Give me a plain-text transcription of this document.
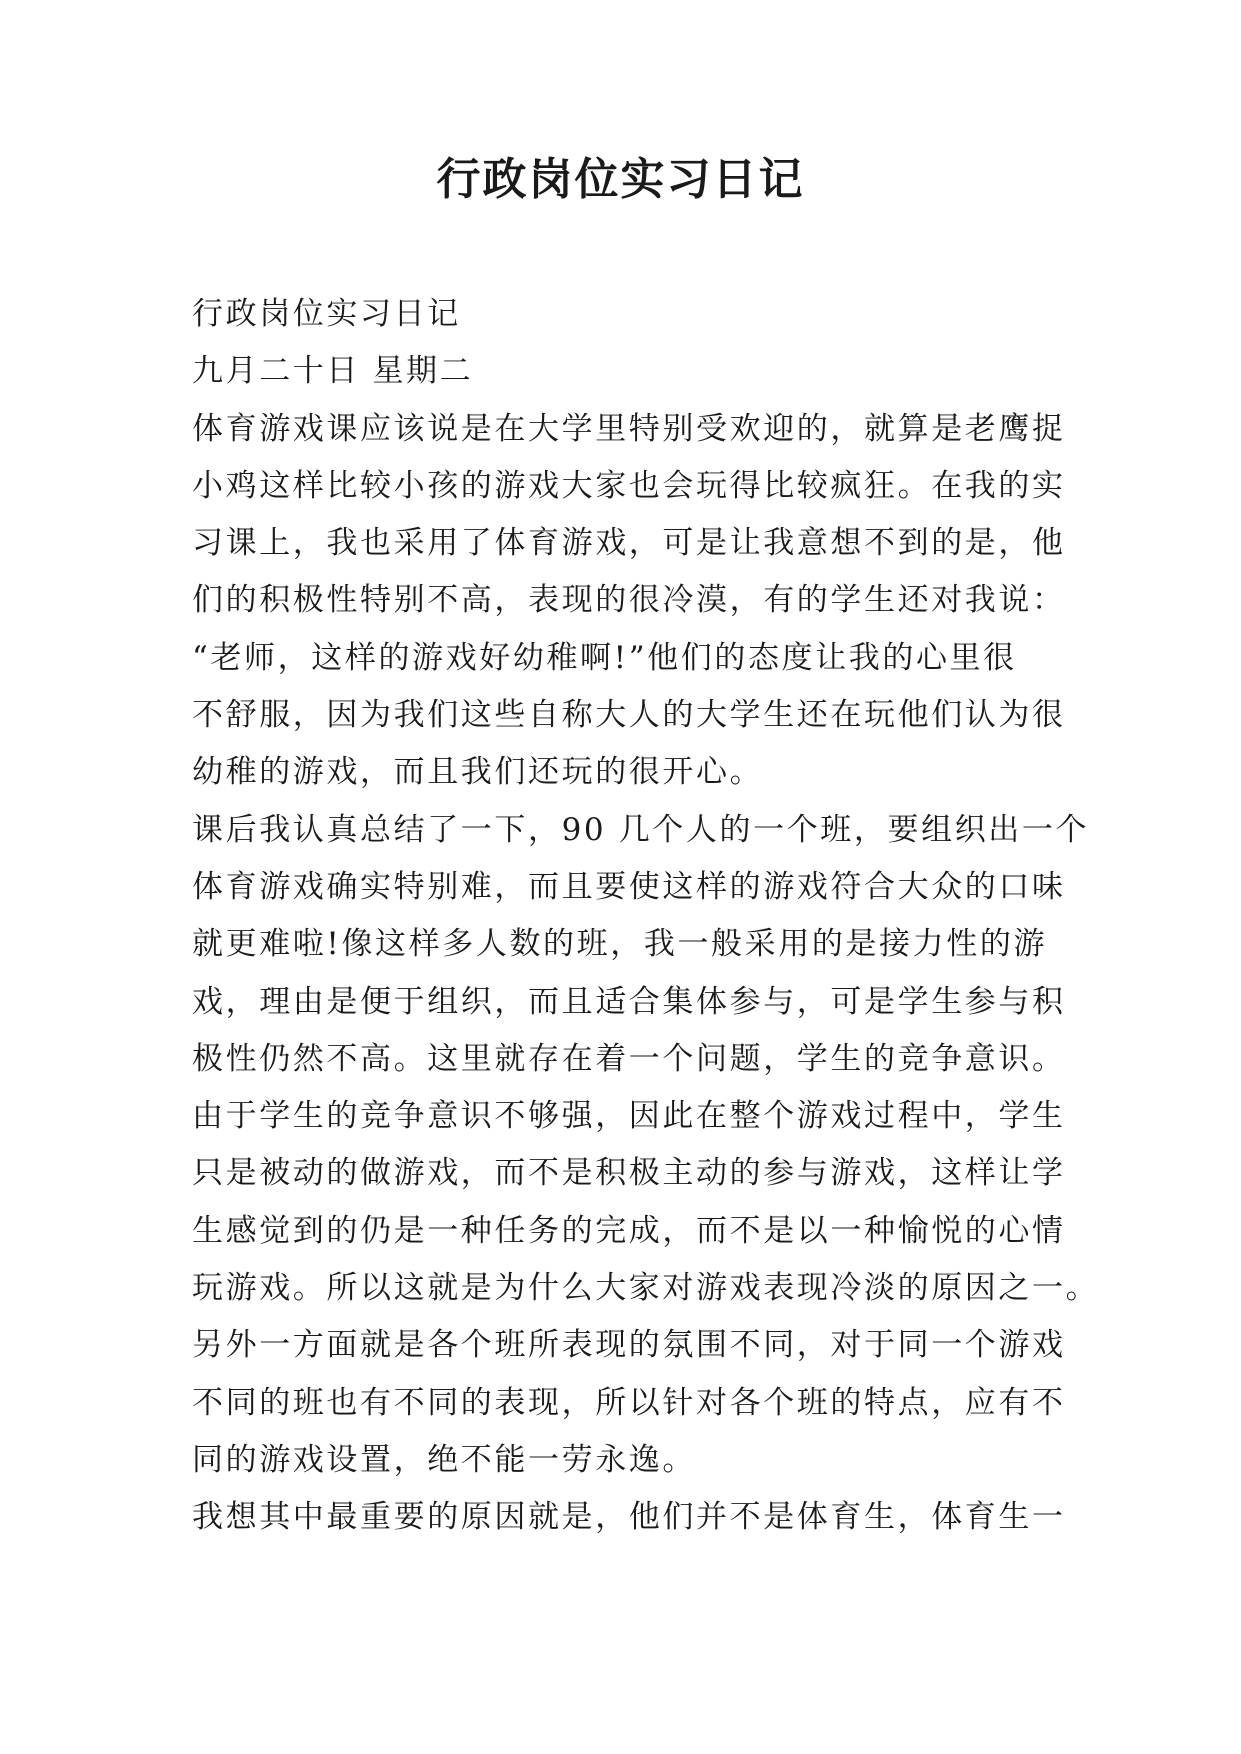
行政岗位实习日记
行政岗位实习日记
九月二十日 星期二
体育游戏课应该说是在大学里特别受欢迎的，就算是老鹰捉
小鸡这样比较小孩的游戏大家也会玩得比较疯狂。在我的实
习课上，我也采用了体育游戏，可是让我意想不到的是，他
们的积极性特别不高，表现的很冷漠，有的学生还对我说：
“老师，这样的游戏好幼稚啊!”他们的态度让我的心里很
不舒服，因为我们这些自称大人的大学生还在玩他们认为很
幼稚的游戏，而且我们还玩的很开心。
课后我认真总结了一下，90 几个人的一个班，要组织出一个
体育游戏确实特别难，而且要使这样的游戏符合大众的口味
就更难啦!像这样多人数的班，我一般采用的是接力性的游
戏，理由是便于组织，而且适合集体参与，可是学生参与积
极性仍然不高。这里就存在着一个问题，学生的竞争意识。
由于学生的竞争意识不够强，因此在整个游戏过程中，学生
只是被动的做游戏，而不是积极主动的参与游戏，这样让学
生感觉到的仍是一种任务的完成，而不是以一种愉悦的心情
玩游戏。所以这就是为什么大家对游戏表现冷淡的原因之一。
另外一方面就是各个班所表现的氛围不同，对于同一个游戏
不同的班也有不同的表现，所以针对各个班的特点，应有不
同的游戏设置，绝不能一劳永逸。
我想其中最重要的原因就是，他们并不是体育生，体育生一
